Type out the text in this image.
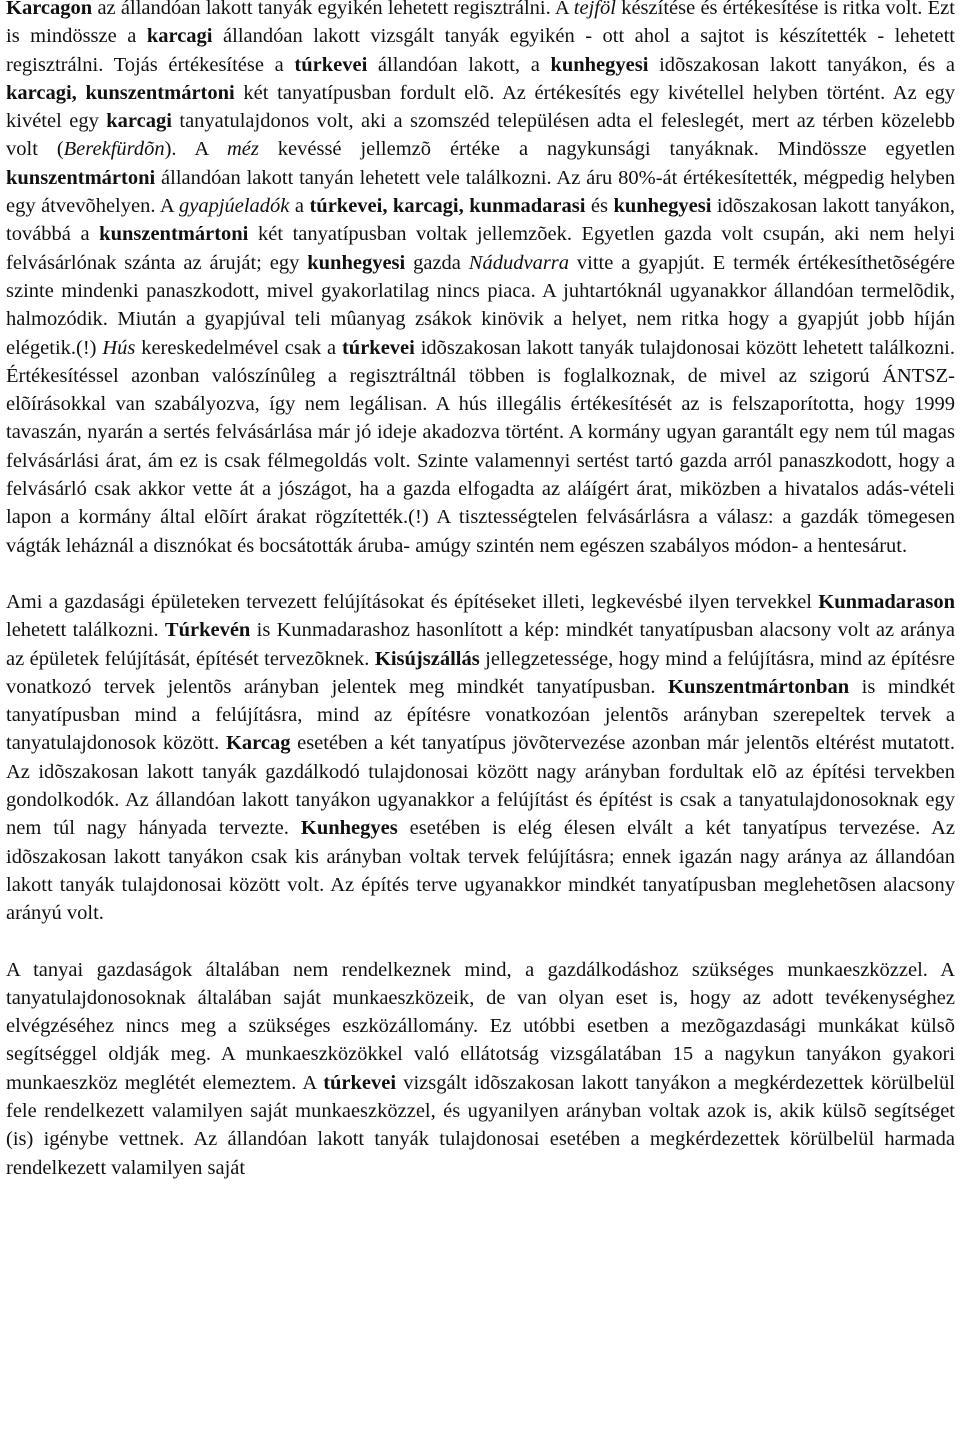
Karcagon az állandóan lakott tanyák egyikén lehetett regisztrálni. A tejföl készítése és értékesítése is ritka volt. Ezt is mindössze a karcagi állandóan lakott vizsgált tanyák egyikén - ott ahol a sajtot is készítették - lehetett regisztrálni. Tojás értékesítése a túrkevei állandóan lakott, a kunhegyesi idõszakosan lakott tanyákon, és a karcagi, kunszentmártoni két tanyatípusban fordult elõ. Az értékesítés egy kivétellel helyben történt. Az egy kivétel egy karcagi tanyatulajdonos volt, aki a szomszéd településen adta el feleslegét, mert az térben közelebb volt (Berekfürdõn). A méz kevéssé jellemzõ értéke a nagykunsági tanyáknak. Mindössze egyetlen kunszentmártoni állandóan lakott tanyán lehetett vele találkozni. Az áru 80%-át értékesítették, mégpedig helyben egy átvevõhelyen. A gyapjúeladók a túrkevei, karcagi, kunmadarasi és kunhegyesi idõszakosan lakott tanyákon, továbbá a kunszentmártoni két tanyatípusban voltak jellemzõek. Egyetlen gazda volt csupán, aki nem helyi felvásárlónak szánta az áruját; egy kunhegyesi gazda Nádudvarra vitte a gyapjút. E termék értékesíthetõségére szinte mindenki panaszkodott, mivel gyakorlatilag nincs piaca. A juhtartóknál ugyanakkor állandóan termelõdik, halmozódik. Miután a gyapjúval teli mûanyag zsákok kinövik a helyet, nem ritka hogy a gyapjút jobb híján elégetik.(!) Hús kereskedelmével csak a túrkevei idõszakosan lakott tanyák tulajdonosai között lehetett találkozni. Értékesítéssel azonban valószínûleg a regisztráltnál többen is foglalkoznak, de mivel az szigorú ÁNTSZ-elõírásokkal van szabályozva, így nem legálisan. A hús illegális értékesítését az is felszaporította, hogy 1999 tavaszán, nyarán a sertés felvásárlása már jó ideje akadozva történt. A kormány ugyan garantált egy nem túl magas felvásárlási árat, ám ez is csak félmegoldás volt. Szinte valamennyi sertést tartó gazda arról panaszkodott, hogy a felvásárló csak akkor vette át a jószágot, ha a gazda elfogadta az aláígért árat, miközben a hivatalos adás-vételi lapon a kormány által elõírt árakat rögzítették.(!) A tisztességtelen felvásárlásra a válasz: a gazdák tömegesen vágták leháznál a disznókat és bocsátották áruba- amúgy szintén nem egészen szabályos módon- a hentesárut.

Ami a gazdasági épületeken tervezett felújításokat és építéseket illeti, legkevésbé ilyen tervekkel Kunmadarason lehetett találkozni. Túrkevén is Kunmadarashoz hasonlított a kép: mindkét tanyatípusban alacsony volt az aránya az épületek felújítását, építését tervezõknek. Kisújszállás jellegzetessége, hogy mind a felújításra, mind az építésre vonatkozó tervek jelentõs arányban jelentek meg mindkét tanyatípusban. Kunszentmártonban is mindkét tanyatípusban mind a felújításra, mind az építésre vonatkozóan jelentõs arányban szerepeltek tervek a tanyatulajdonosok között. Karcag esetében a két tanyatípus jövõtervezése azonban már jelentõs eltérést mutatott. Az idõszakosan lakott tanyák gazdálkodó tulajdonosai között nagy arányban fordultak elõ az építési tervekben gondolkodók. Az állandóan lakott tanyákon ugyanakkor a felújítást és építést is csak a tanyatulajdonosoknak egy nem túl nagy hányada tervezte. Kunhegyes esetében is elég élesen elvált a két tanyatípus tervezése. Az idõszakosan lakott tanyákon csak kis arányban voltak tervek felújításra; ennek igazán nagy aránya az állandóan lakott tanyák tulajdonosai között volt. Az építés terve ugyanakkor mindkét tanyatípusban meglehetõsen alacsony arányú volt.

A tanyai gazdaságok általában nem rendelkeznek mind, a gazdálkodáshoz szükséges munkaeszközzel. A tanyatulajdonosoknak általában saját munkaeszközeik, de van olyan eset is, hogy az adott tevékenységhez elvégzéséhez nincs meg a szükséges eszközállomány. Ez utóbbi esetben a mezõgazdasági munkákat külsõ segítséggel oldják meg. A munkaeszközökkel való ellátotság vizsgálatában 15 a nagykun tanyákon gyakori munkaeszköz meglétét elemeztem. A túrkevei vizsgált idõszakosan lakott tanyákon a megkérdezettek körülbelül fele rendelkezett valamilyen saját munkaeszközzel, és ugyanilyen arányban voltak azok is, akik külsõ segítséget (is) igénybe vettnek. Az állandóan lakott tanyák tulajdonosai esetében a megkérdezettek körülbelül harmada rendelkezett valamilyen saját
